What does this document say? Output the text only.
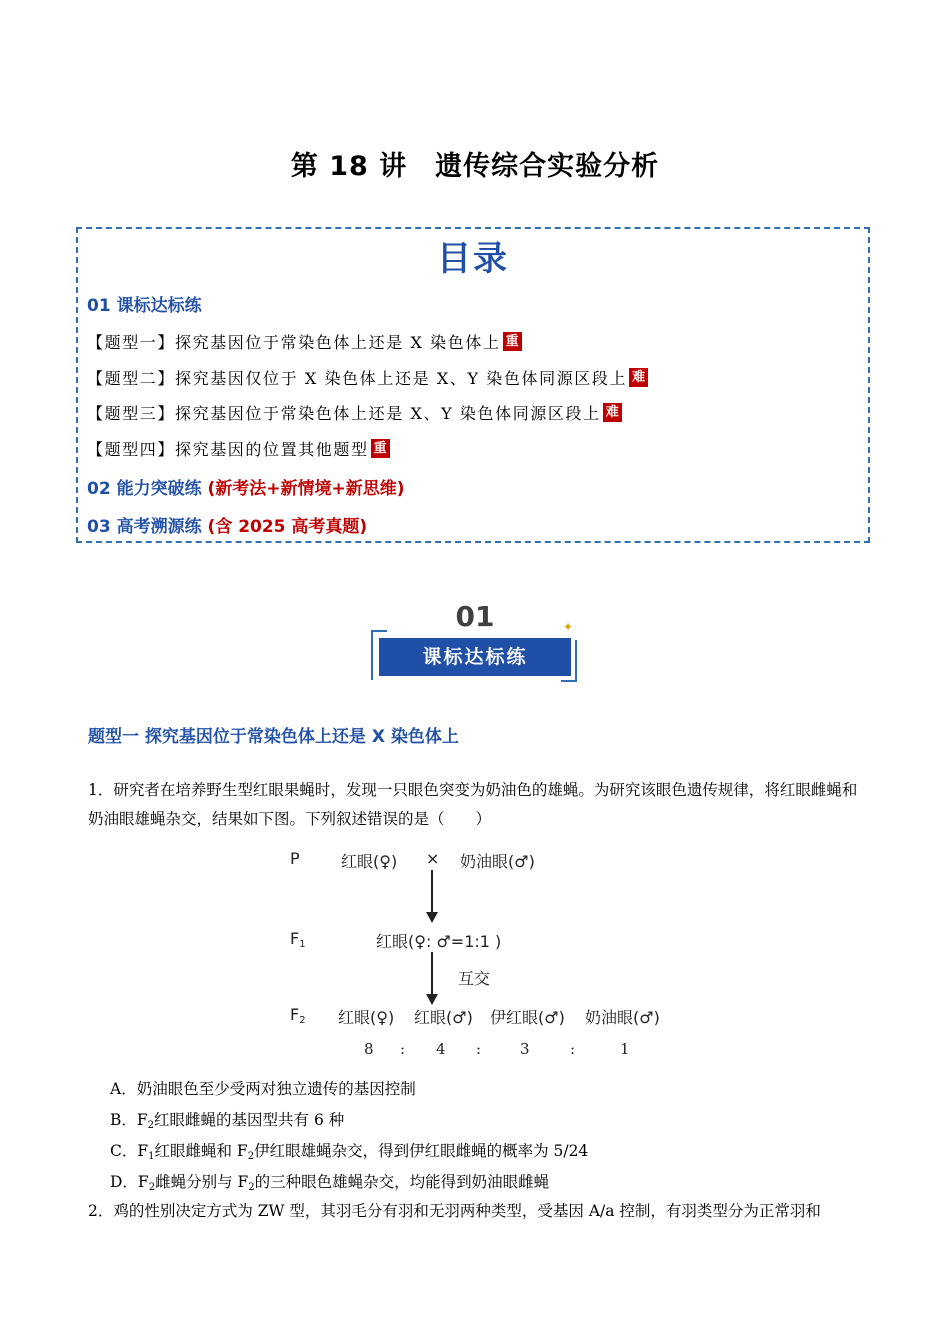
第 18 讲　遗传综合实验分析
目录
01 课标达标练
【题型一】探究基因位于常染色体上还是 X 染色体上 重
【题型二】探究基因仅位于 X 染色体上还是 X、Y 染色体同源区段上 难
【题型三】探究基因位于常染色体上还是 X、Y 染色体同源区段上 难
【题型四】探究基因的位置其他题型 重
02 能力突破练 (新考法+新情境+新思维)
03 高考溯源练 (含 2025 高考真题)
✦
01
课标达标练
题型一 探究基因位于常染色体上还是 X 染色体上
1．研究者在培养野生型红眼果蝇时，发现一只眼色突变为奶油色的雄蝇。为研究该眼色遗传规律，将红眼雌蝇和奶油眼雄蝇杂交，结果如下图。下列叙述错误的是（　　）
P	红眼(♀) × 奶油眼(♂)
$F_1$	红眼(♀: ♂=1:1 )
互交
$F_2$ 红眼(♀) 红眼(♂) 伊红眼(♂) 奶油眼(♂)
8 : 4 :	3	:	1
A．奶油眼色至少受两对独立遗传的基因控制
B．$F_2$红眼雌蝇的基因型共有 6 种
C．$F_1$红眼雌蝇和 $F_2$伊红眼雄蝇杂交，得到伊红眼雌蝇的概率为 5/24
D．$F_2$雌蝇分别与 $F_2$的三种眼色雄蝇杂交，均能得到奶油眼雌蝇
2．鸡的性别决定方式为 ZW 型，其羽毛分有羽和无羽两种类型，受基因 A/a 控制，有羽类型分为正常羽和
